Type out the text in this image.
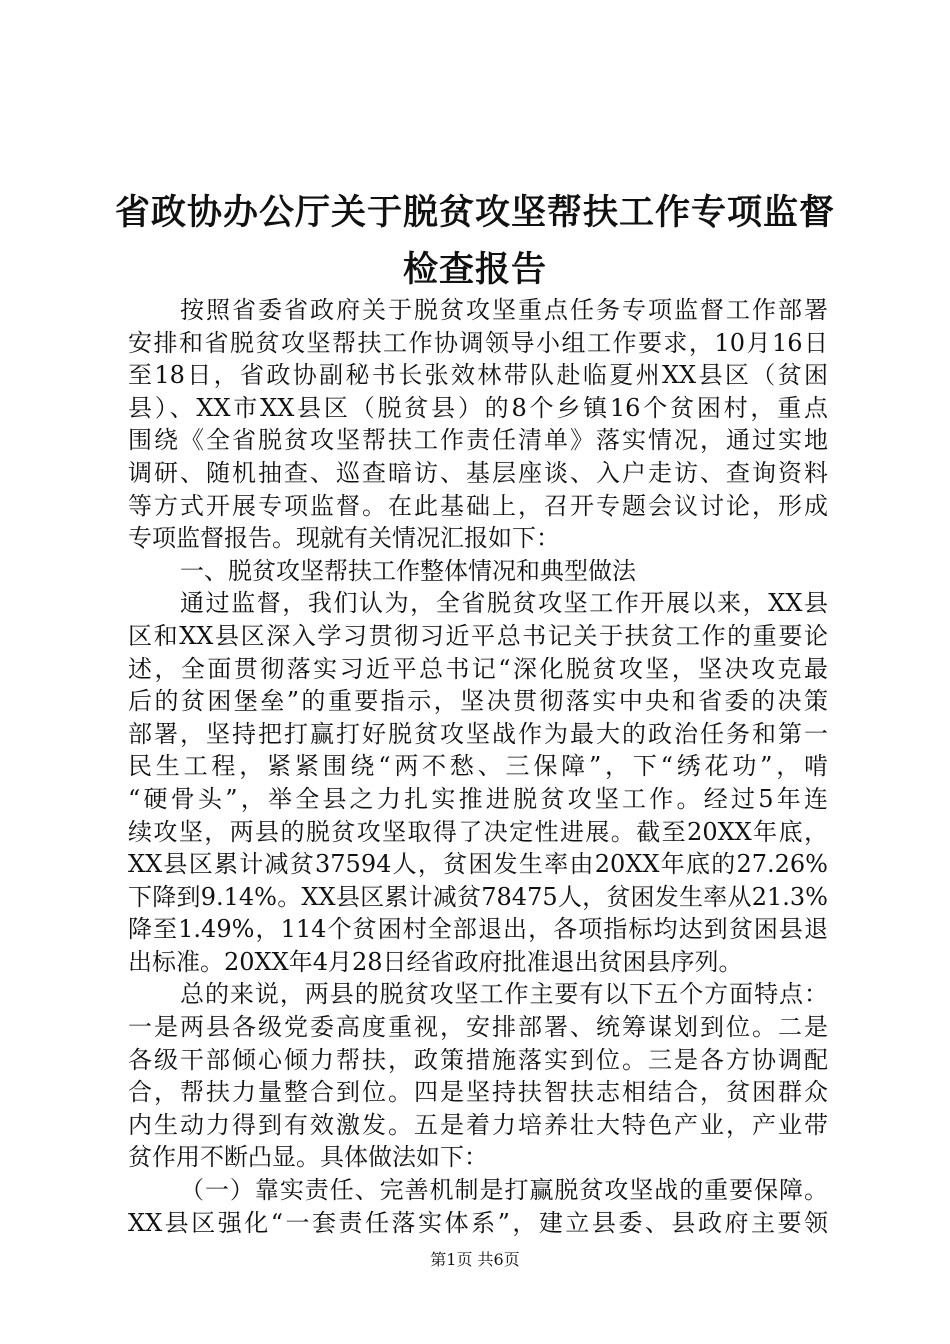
省政协办公厅关于脱贫攻坚帮扶工作专项监督
检查报告
按照省委省政府关于脱贫攻坚重点任务专项监督工作部署
安排和省脱贫攻坚帮扶工作协调领导小组工作要求，10月16日
至18日，省政协副秘书长张效林带队赴临夏州XX县区（贫困
县）、XX市XX县区（脱贫县）的8个乡镇16个贫困村，重点
围绕《全省脱贫攻坚帮扶工作责任清单》落实情况，通过实地
调研、随机抽查、巡查暗访、基层座谈、入户走访、查询资料
等方式开展专项监督。在此基础上，召开专题会议讨论，形成
专项监督报告。现就有关情况汇报如下：
一、脱贫攻坚帮扶工作整体情况和典型做法
通过监督，我们认为，全省脱贫攻坚工作开展以来，XX县
区和XX县区深入学习贯彻习近平总书记关于扶贫工作的重要论
述，全面贯彻落实习近平总书记“深化脱贫攻坚，坚决攻克最
后的贫困堡垒”的重要指示，坚决贯彻落实中央和省委的决策
部署，坚持把打赢打好脱贫攻坚战作为最大的政治任务和第一
民生工程，紧紧围绕“两不愁、三保障”，下“绣花功”，啃
“硬骨头”，举全县之力扎实推进脱贫攻坚工作。经过5年连
续攻坚，两县的脱贫攻坚取得了决定性进展。截至20XX年底，
XX县区累计减贫37594人，贫困发生率由20XX年底的27.26%
下降到9.14%。XX县区累计减贫78475人，贫困发生率从21.3%
降至1.49%，114个贫困村全部退出，各项指标均达到贫困县退
出标准。20XX年4月28日经省政府批准退出贫困县序列。
总的来说，两县的脱贫攻坚工作主要有以下五个方面特点：
一是两县各级党委高度重视，安排部署、统筹谋划到位。二是
各级干部倾心倾力帮扶，政策措施落实到位。三是各方协调配
合，帮扶力量整合到位。四是坚持扶智扶志相结合，贫困群众
内生动力得到有效激发。五是着力培养壮大特色产业，产业带
贫作用不断凸显。具体做法如下：
（一）靠实责任、完善机制是打赢脱贫攻坚战的重要保障。
XX县区强化“一套责任落实体系”，建立县委、县政府主要领
第1页 共6页
